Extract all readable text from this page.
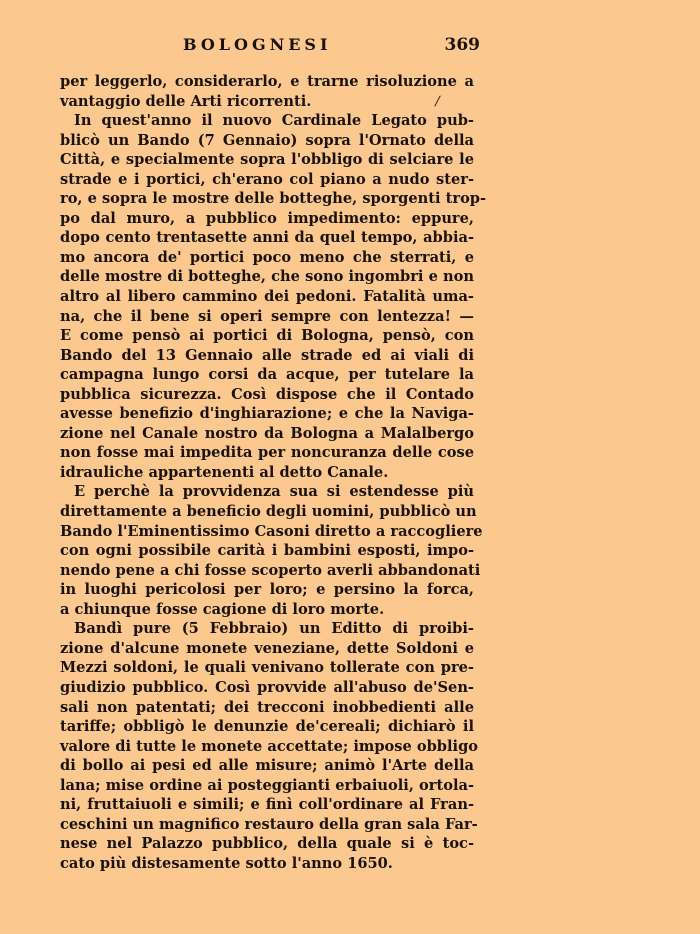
BOLOGNESI	369
per leggerlo, considerarlo, e trarne risoluzione a
vantaggio delle Arti ricorrenti.
In quest'anno il nuovo Cardinale Legato pub-
blicò un Bando (7 Gennaio) sopra l'Ornato della
Città, e specialmente sopra l'obbligo di selciare le
strade e i portici, ch'erano col piano a nudo ster-
ro, e sopra le mostre delle botteghe, sporgenti trop-
po dal muro, a pubblico impedimento: eppure,
dopo cento trentasette anni da quel tempo, abbia-
mo ancora de' portici poco meno che sterrati, e
delle mostre di botteghe, che sono ingombri e non
altro al libero cammino dei pedoni. Fatalità uma-
na, che il bene si operi sempre con lentezza! —
E come pensò ai portici di Bologna, pensò, con
Bando del 13 Gennaio alle strade ed ai viali di
campagna lungo corsi da acque, per tutelare la
pubblica sicurezza. Così dispose che il Contado
avesse benefizio d'inghiarazione; e che la Naviga-
zione nel Canale nostro da Bologna a Malalbergo
non fosse mai impedita per noncuranza delle cose
idrauliche appartenenti al detto Canale.
E perchè la provvidenza sua si estendesse più
direttamente a beneficio degli uomini, pubblicò un
Bando l'Eminentissimo Casoni diretto a raccogliere
con ogni possibile carità i bambini esposti, impo-
nendo pene a chi fosse scoperto averli abbandonati
in luoghi pericolosi per loro; e persino la forca,
a chiunque fosse cagione di loro morte.
Bandì pure (5 Febbraio) un Editto di proibi-
zione d'alcune monete veneziane, dette Soldoni e
Mezzi soldoni, le quali venivano tollerate con pre-
giudizio pubblico. Così provvide all'abuso de'Sen-
sali non patentati; dei trecconi inobbedienti alle
tariffe; obbligò le denunzie de'cereali; dichiarò il
valore di tutte le monete accettate; impose obbligo
di bollo ai pesi ed alle misure; animò l'Arte della
lana; mise ordine ai posteggianti erbaiuoli, ortola-
ni, fruttaiuoli e simili; e finì coll'ordinare al Fran-
ceschini un magnifico restauro della gran sala Far-
nese nel Palazzo pubblico, della quale si è toc-
cato più distesamente sotto l'anno 1650.
